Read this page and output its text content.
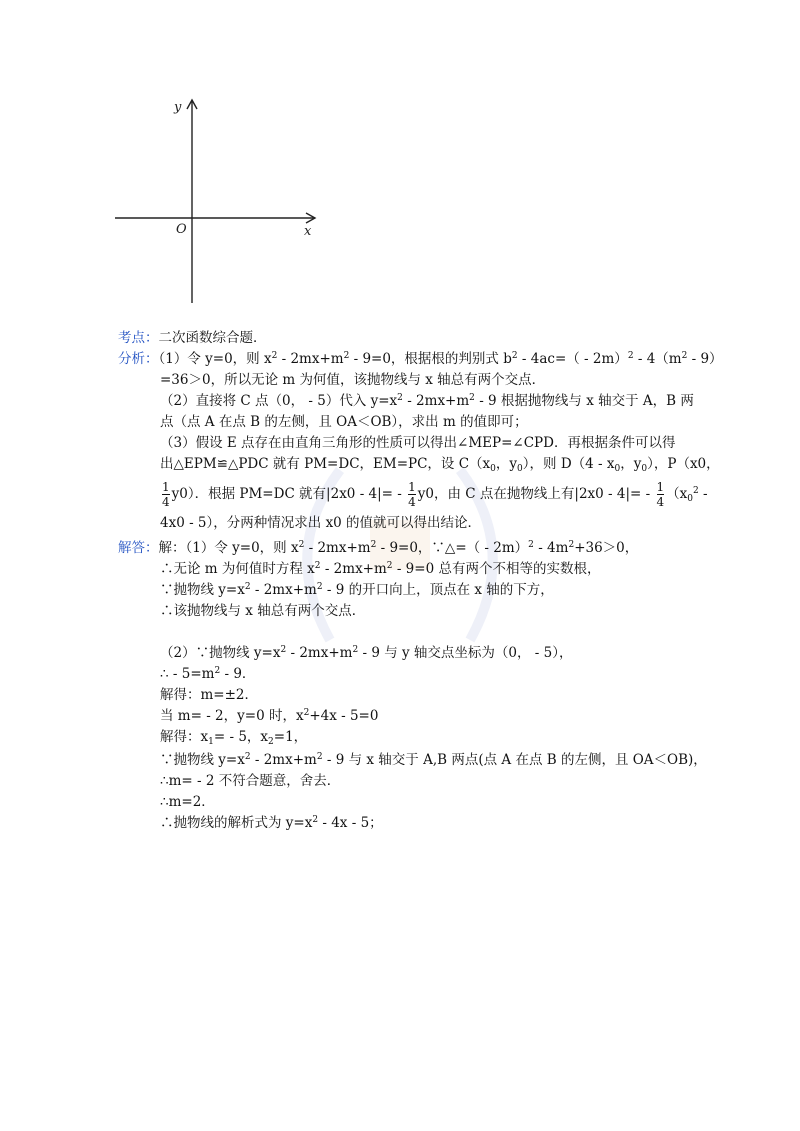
y
x
O
考点：二次函数综合题．
分析：（1）令 y=0，则 $x^2 - 2mx+m^2 - 9=0$，根据根的判别式 $b^2 - 4ac=( - 2m)^2 - 4(m^2 - 9)$
=36＞0，所以无论 m 为何值，该抛物线与 x 轴总有两个交点．
（2）直接将 C 点（0， - 5）代入 $y=x^2 - 2mx+m^2 - 9$ 根据抛物线与 x 轴交于 A，B 两
点（点 A 在点 B 的左侧，且 OA＜OB），求出 m 的值即可；
（3）假设 E 点存在由直角三角形的性质可以得出∠MEP=∠CPD．再根据条件可以得
出△EPM≌△PDC 就有 PM=DC，EM=PC，设 $C(x_0$，$y_0$），则 $D(4 - x_0$，$y_0$），P（x0，
$\frac{1}{4} y0$）．根据 PM=DC 就有$|2x0 - 4|= - \frac{1}{4} y0$，由 C 点在抛物线上有$|2x0 - 4|= - \frac{1}{4} (x_0^2$ -
4x0 - 5），分两种情况求出 x0 的值就可以得出结论．
解答：解：（1）令 y=0，则 $x^2 - 2mx+m^2 - 9=0$，∵△=（ - $2m)^2 - 4m^2+36>0$，
∴无论 m 为何值时方程 $x^2 - 2mx+m^2 - 9=0$ 总有两个不相等的实数根，
∵抛物线 $y=x^2 - 2mx+m^2 - 9$ 的开口向上，顶点在 x 轴的下方，
∴该抛物线与 x 轴总有两个交点．
（2）∵抛物线 $y=x^2 - 2mx+m^2 - 9$ 与 y 轴交点坐标为（0， - 5），
∴ - $5=m^2 - 9$．
解得：m=±2．
当 m= - 2，y=0 时，$x^2+4x - 5=0$
解得：$x_1= - 5$，$x_2=1$，
∵抛物线 $y=x^2 - 2mx+m^2 - 9$ 与 x 轴交于 A,B 两点(点 A 在点 B 的左侧，且 OA＜OB)，
∴m= - 2 不符合题意，舍去．
∴m=2．
∴抛物线的解析式为 $y=x^2 - 4x - 5$；
